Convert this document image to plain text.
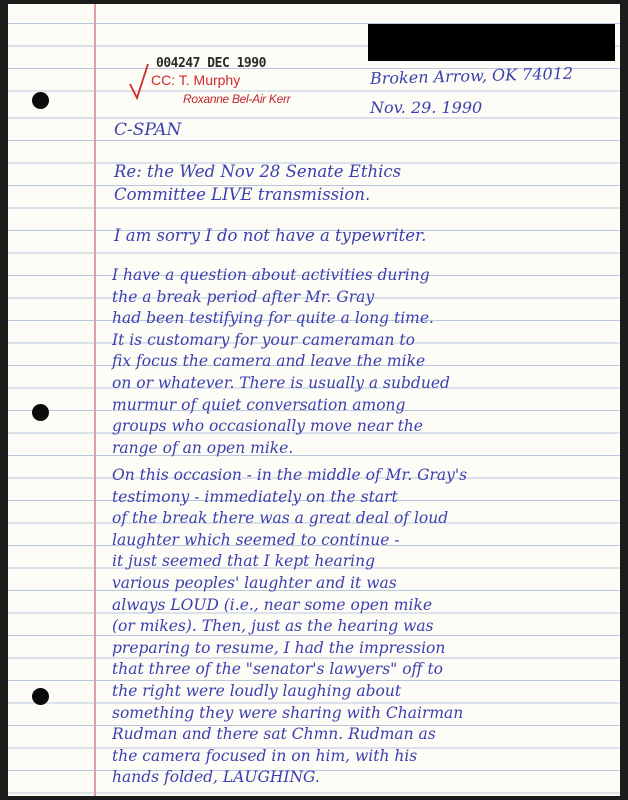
004247 DEC 1990
CC: T. Murphy
Roxanne Bel-Air Kerr
Broken Arrow, OK 74012
Nov. 29. 1990
C-SPAN
Re: the Wed Nov 28 Senate Ethics
Committee LIVE transmission.
I am sorry I do not have a typewriter.
I have a question about activities during
the a break period after Mr. Gray
had been testifying for quite a long time.
It is customary for your cameraman to
fix focus the camera and leave the mike
on or whatever. There is usually a subdued
murmur of quiet conversation among
groups who occasionally move near the
range of an open mike.
On this occasion - in the middle of Mr. Gray's
testimony - immediately on the start
of the break there was a great deal of loud
laughter which seemed to continue -
it just seemed that I kept hearing
various peoples' laughter and it was
always LOUD (i.e., near some open mike
(or mikes). Then, just as the hearing was
preparing to resume, I had the impression
that three of the "senator's lawyers" off to
the right were loudly laughing about
something they were sharing with Chairman
Rudman and there sat Chmn. Rudman as
the camera focused in on him, with his
hands folded, LAUGHING.
